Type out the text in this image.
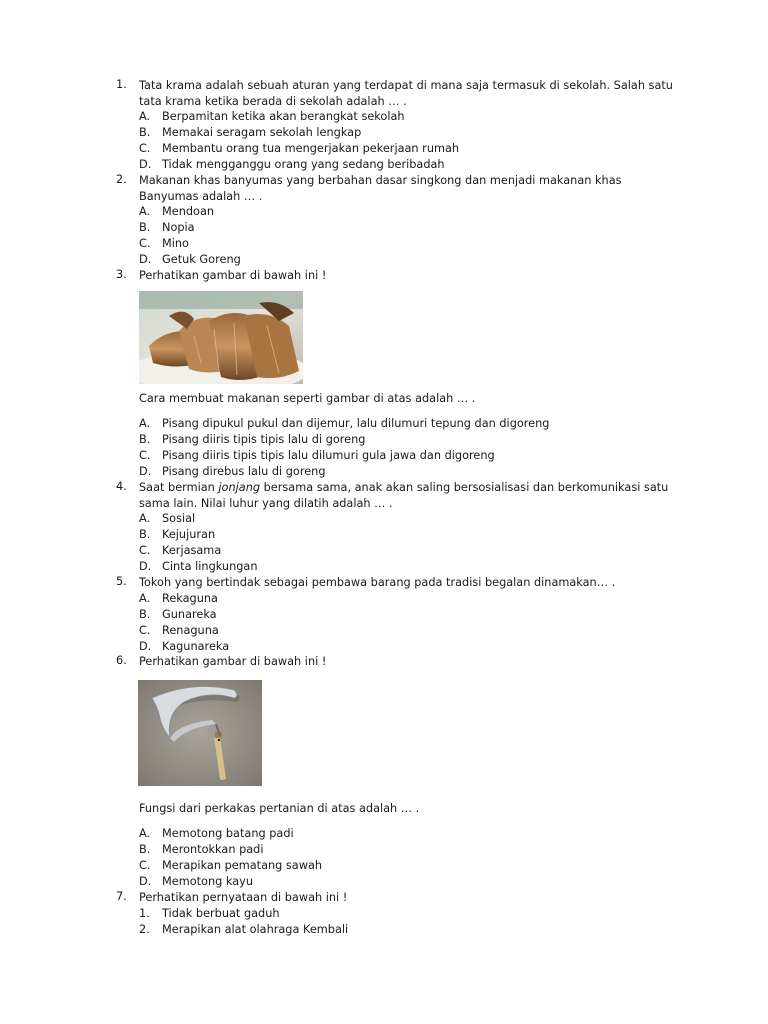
1.	Tata krama adalah sebuah aturan yang terdapat di mana saja termasuk di sekolah. Salah satu
tata krama ketika berada di sekolah adalah … .
A. Berpamitan ketika akan berangkat sekolah
B. Memakai seragam sekolah lengkap
C. Membantu orang tua mengerjakan pekerjaan rumah
D. Tidak mengganggu orang yang sedang beribadah
2.	Makanan khas banyumas yang berbahan dasar singkong dan menjadi makanan khas
Banyumas adalah … .
A. Mendoan
B. Nopia
C. Mino
D. Getuk Goreng
3.	Perhatikan gambar di bawah ini !
Cara membuat makanan seperti gambar di atas adalah … .
A. Pisang dipukul pukul dan dijemur, lalu dilumuri tepung dan digoreng
B. Pisang diiris tipis tipis lalu di goreng
C. Pisang diiris tipis tipis lalu dilumuri gula jawa dan digoreng
D. Pisang direbus lalu di goreng
4.	Saat bermian jonjang bersama sama, anak akan saling bersosialisasi dan berkomunikasi satu
sama lain. Nilai luhur yang dilatih adalah … .
A. Sosial
B. Kejujuran
C. Kerjasama
D. Cinta lingkungan
5.	Tokoh yang bertindak sebagai pembawa barang pada tradisi begalan dinamakan… .
A. Rekaguna
B. Gunareka
C. Renaguna
D. Kagunareka
6.	Perhatikan gambar di bawah ini !
Fungsi dari perkakas pertanian di atas adalah … .
A. Memotong batang padi
B. Merontokkan padi
C. Merapikan pematang sawah
D. Memotong kayu
7.	Perhatikan pernyataan di bawah ini !
1. Tidak berbuat gaduh
2. Merapikan alat olahraga Kembali
